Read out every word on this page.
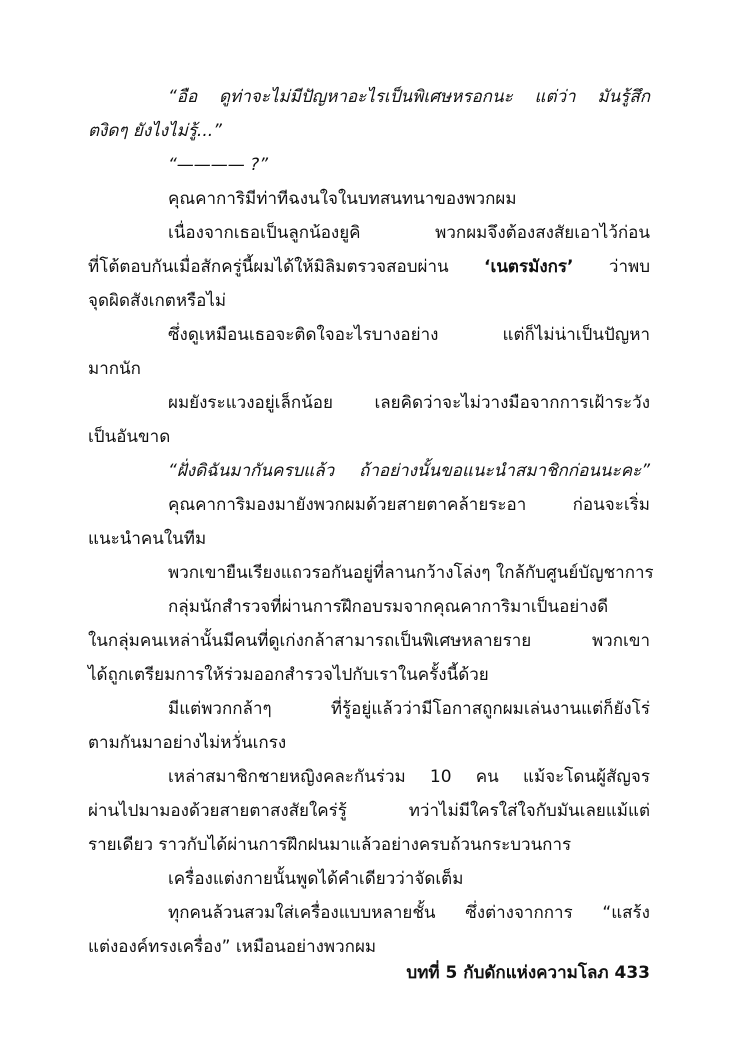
“อือ ดูท่าจะไม่มีปัญหาอะไรเป็นพิเศษหรอกนะ แต่ว่า มันรู้สึก
ตงิดๆ ยังไงไม่รู้...”
“———— ?”
คุณคาการิมีท่าทีฉงนใจในบทสนทนาของพวกผม
เนื่องจากเธอเป็นลูกน้องยูคิ พวกผมจึงต้องสงสัยเอาไว้ก่อน
ที่โต้ตอบกันเมื่อสักครู่นี้ผมได้ให้มิลิมตรวจสอบผ่าน ‘เนตรมังกร’ ว่าพบ
จุดผิดสังเกตหรือไม่
ซึ่งดูเหมือนเธอจะติดใจอะไรบางอย่าง แต่ก็ไม่น่าเป็นปัญหา
มากนัก
ผมยังระแวงอยู่เล็กน้อย เลยคิดว่าจะไม่วางมือจากการเฝ้าระวัง
เป็นอันขาด
“ฝั่งดิฉันมากันครบแล้ว ถ้าอย่างนั้นขอแนะนำสมาชิกก่อนนะคะ”
คุณคาการิมองมายังพวกผมด้วยสายตาคล้ายระอา ก่อนจะเริ่ม
แนะนำคนในทีม
พวกเขายืนเรียงแถวรอกันอยู่ที่ลานกว้างโล่งๆ ใกล้กับศูนย์บัญชาการ
กลุ่มนักสำรวจที่ผ่านการฝึกอบรมจากคุณคาการิมาเป็นอย่างดี
ในกลุ่มคนเหล่านั้นมีคนที่ดูเก่งกล้าสามารถเป็นพิเศษหลายราย พวกเขา
ได้ถูกเตรียมการให้ร่วมออกสำรวจไปกับเราในครั้งนี้ด้วย
มีแต่พวกกล้าๆ ที่รู้อยู่แล้วว่ามีโอกาสถูกผมเล่นงานแต่ก็ยังโร่
ตามกันมาอย่างไม่หวั่นเกรง
เหล่าสมาชิกชายหญิงคละกันร่วม 10 คน แม้จะโดนผู้สัญจร
ผ่านไปมามองด้วยสายตาสงสัยใคร่รู้ ทว่าไม่มีใครใส่ใจกับมันเลยแม้แต่
รายเดียว ราวกับได้ผ่านการฝึกฝนมาแล้วอย่างครบถ้วนกระบวนการ
เครื่องแต่งกายนั้นพูดได้คำเดียวว่าจัดเต็ม
ทุกคนล้วนสวมใส่เครื่องแบบหลายชั้น ซึ่งต่างจากการ “แสร้ง
แต่งองค์ทรงเครื่อง” เหมือนอย่างพวกผม
บทที่ 5 กับดักแห่งความโลภ 433
